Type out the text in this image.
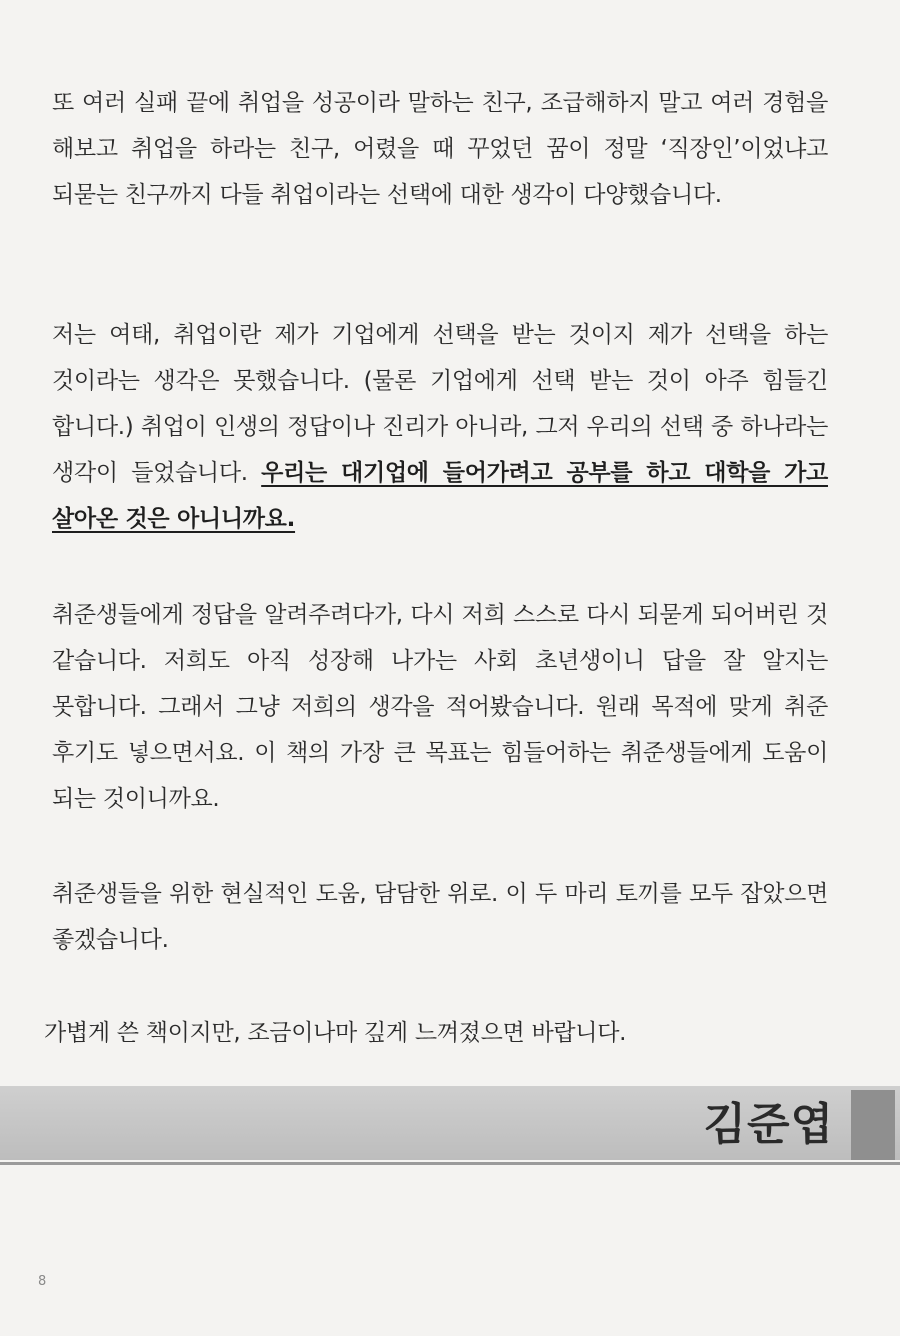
또 여러 실패 끝에 취업을 성공이라 말하는 친구, 조급해하지 말고 여러 경험을 해보고 취업을 하라는 친구, 어렸을 때 꾸었던 꿈이 정말 ‘직장인’이었냐고 되묻는 친구까지 다들 취업이라는 선택에 대한 생각이 다양했습니다.

저는 여태, 취업이란 제가 기업에게 선택을 받는 것이지 제가 선택을 하는 것이라는 생각은 못했습니다. (물론 기업에게 선택 받는 것이 아주 힘들긴 합니다.) 취업이 인생의 정답이나 진리가 아니라, 그저 우리의 선택 중 하나라는 생각이 들었습니다. 우리는 대기업에 들어가려고 공부를 하고 대학을 가고 살아온 것은 아니니까요.

취준생들에게 정답을 알려주려다가, 다시 저희 스스로 다시 되묻게 되어버린 것 같습니다. 저희도 아직 성장해 나가는 사회 초년생이니 답을 잘 알지는 못합니다. 그래서 그냥 저희의 생각을 적어봤습니다. 원래 목적에 맞게 취준 후기도 넣으면서요. 이 책의 가장 큰 목표는 힘들어하는 취준생들에게 도움이 되는 것이니까요.

취준생들을 위한 현실적인 도움, 담담한 위로. 이 두 마리 토끼를 모두 잡았으면 좋겠습니다.

가볍게 쓴 책이지만, 조금이나마 깊게 느껴졌으면 바랍니다.

김준엽
8
